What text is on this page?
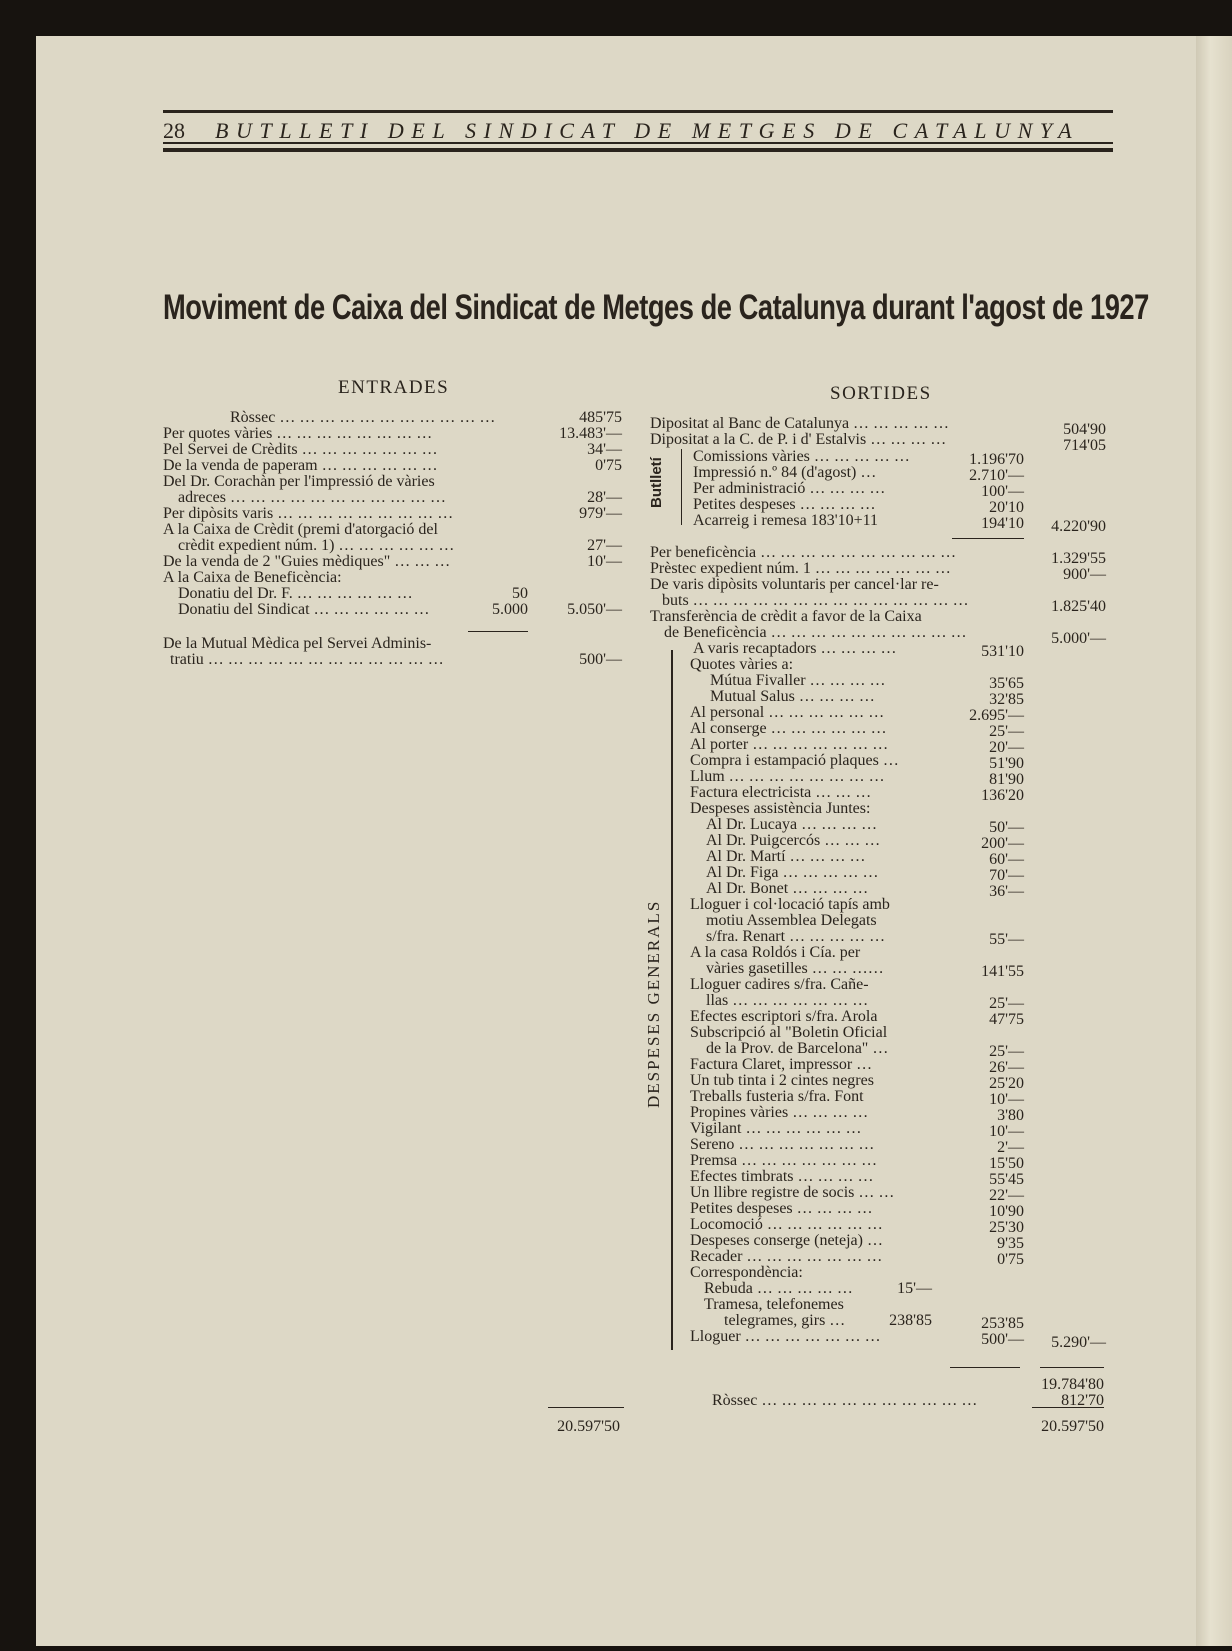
28 BUTLLETI DEL SINDICAT DE METGES DE CATALUNYA
Moviment de Caixa del Sindicat de Metges de Catalunya durant l'agost de 1927
ENTRADES	SORTIDES
Ròssec … … … … … … … … … … …	485'75
Per quotes vàries … … … … … … … …	13.483'—
Pel Servei de Crèdits … … … … … … …	34'—
De la venda de paperam … … … … … …	0'75
Del Dr. Corachàn per l'impressió de vàries
adreces … … … … … … … … … … …	28'—
Per dipòsits varis … … … … … … … … …	979'—
A la Caixa de Crèdit (premi d'atorgació del
crèdit expedient núm. 1) … … … … … …	27'—
De la venda de 2 "Guies mèdiques" … … …	10'—
A la Caixa de Beneficència:
Donatiu del Dr. F. … … … … … …	50
Donatiu del Sindicat … … … … … …	5.000	5.050'—
De la Mutual Mèdica pel Servei Adminis-
tratiu … … … … … … … … … … … …	500'—
Dipositat al Banc de Catalunya … … … … …	504'90
Dipositat a la C. de P. i d' Estalvis … … … …	714'05
Comissions vàries … … … … …	1.196'70
Impressió n.º 84 (d'agost) …	2.710'—
Per administració … … … …	100'—
Petites despeses … … … …	20'10
Acarreig i remesa 183'10+11	194'10	4.220'90
Per beneficència … … … … … … … … … …	1.329'55
Prèstec expedient núm. 1 … … … … … … …	900'—
De varis dipòsits voluntaris per cancel·lar re-
buts … … … … … … … … … … … … … …	1.825'40
Transferència de crèdit a favor de la Caixa
de Beneficència … … … … … … … … … …	5.000'—
A varis recaptadors … … … …	531'10
Quotes vàries a:
Mútua Fivaller … … … …	35'65
Mutual Salus … … … …	32'85
Al personal … … … … … …	2.695'—
Al conserge … … … … … …	25'—
Al porter … … … … … … …	20'—
Compra i estampació plaques …	51'90
Llum … … … … … … … …	81'90
Factura electricista … … …	136'20
Despeses assistència Juntes:
Al Dr. Lucaya … … … …	50'—
Al Dr. Puigcercós … … …	200'—
Al Dr. Martí … … … …	60'—
Al Dr. Figa … … … … …	70'—
Al Dr. Bonet … … … …	36'—
Lloguer i col·locació tapís amb
motiu Assemblea Delegats
s/fra. Renart … … … … …	55'—
A la casa Roldós i Cía. per
vàries gasetilles … … ……	141'55
Lloguer cadires s/fra. Cañe-
llas … … … … … … …	25'—
Efectes escriptori s/fra. Arola	47'75
Subscripció al "Boletin Oficial
de la Prov. de Barcelona" …	25'—
Factura Claret, impressor …	26'—
Un tub tinta i 2 cintes negres	25'20
Treballs fusteria s/fra. Font	10'—
Propines vàries … … … …	3'80
Vigilant … … … … … …	10'—
Sereno … … … … … … …	2'—
Premsa … … … … … … …	15'50
Efectes timbrats … … … …	55'45
Un llibre registre de socis … …	22'—
Petites despeses … … … …	10'90
Locomoció … … … … … …	25'30
Despeses conserge (neteja) …	9'35
Recader … … … … … … …	0'75
Correspondència:
Rebuda … … … … …	15'—
Tramesa, telefonemes
telegrames, girs …	238'85	253'85
Lloguer … … … … … … …	500'—	5.290'—
DESPESES GENERALS
Butlletí
20.597'50	20.597'50
19.784'80
Ròssec … … … … … … … … … … …	812'70
